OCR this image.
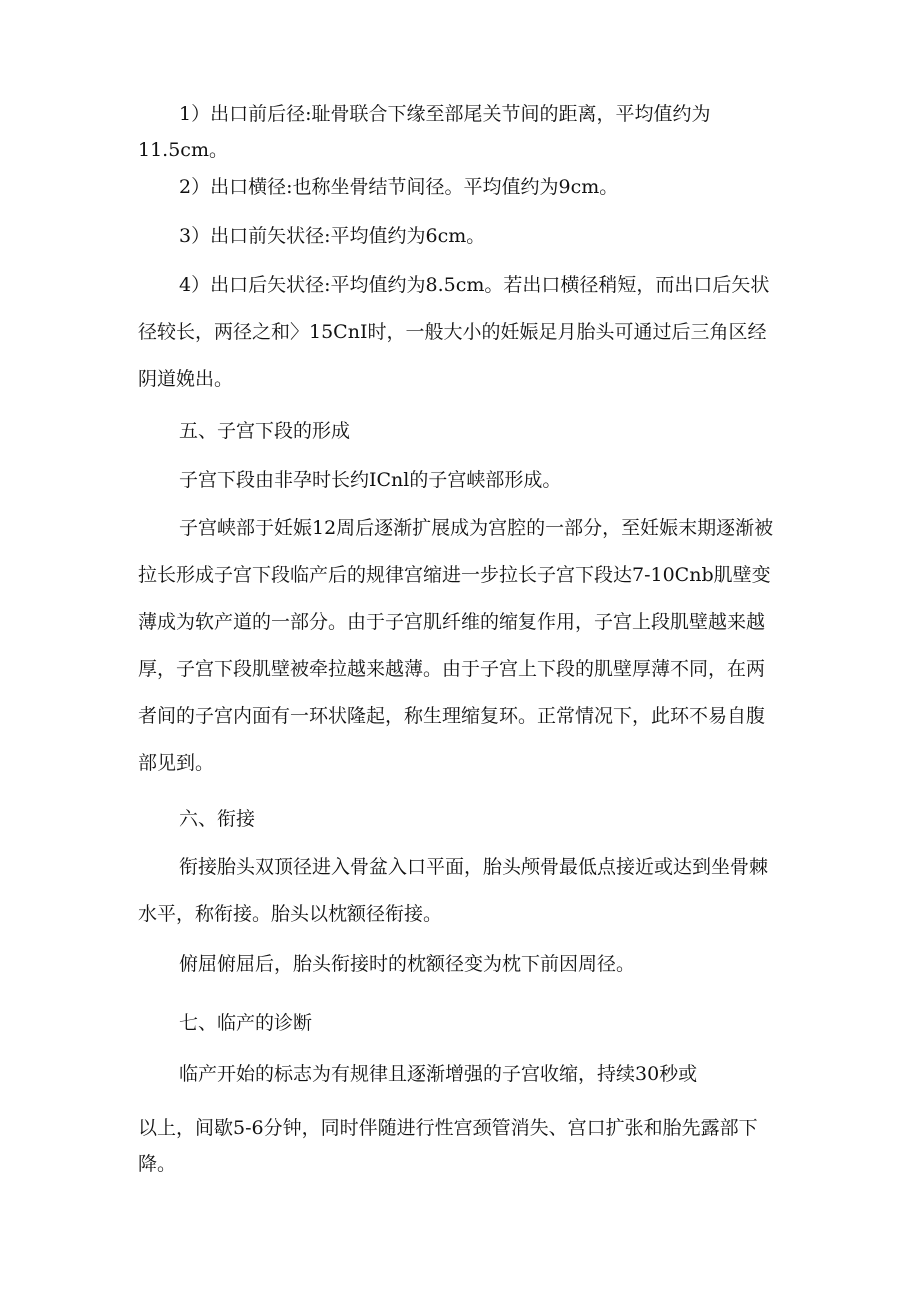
1）出口前后径:耻骨联合下缘至部尾关节间的距离，平均值约为11.5cm。

2）出口横径:也称坐骨结节间径。平均值约为9cm。

3）出口前矢状径:平均值约为6cm。

4）出口后矢状径:平均值约为8.5cm。若出口横径稍短，而出口后矢状径较长，两径之和〉15CnI时，一般大小的妊娠足月胎头可通过后三角区经阴道娩出。

五、子宫下段的形成

子宫下段由非孕时长约ICnl的子宫峡部形成。

子宫峡部于妊娠12周后逐渐扩展成为宫腔的一部分，至妊娠末期逐渐被拉长形成子宫下段临产后的规律宫缩进一步拉长子宫下段达7-10Cnb肌壁变薄成为软产道的一部分。由于子宫肌纤维的缩复作用，子宫上段肌壁越来越厚，子宫下段肌壁被牵拉越来越薄。由于子宫上下段的肌壁厚薄不同，在两者间的子宫内面有一环状隆起，称生理缩复环。正常情况下，此环不易自腹部见到。

六、衔接

衔接胎头双顶径进入骨盆入口平面，胎头颅骨最低点接近或达到坐骨棘水平，称衔接。胎头以枕额径衔接。

俯屈俯屈后，胎头衔接时的枕额径变为枕下前因周径。

七、临产的诊断

临产开始的标志为有规律且逐渐增强的子宫收缩，持续30秒或

以上，间歇5-6分钟，同时伴随进行性宫颈管消失、宫口扩张和胎先露部下降。
